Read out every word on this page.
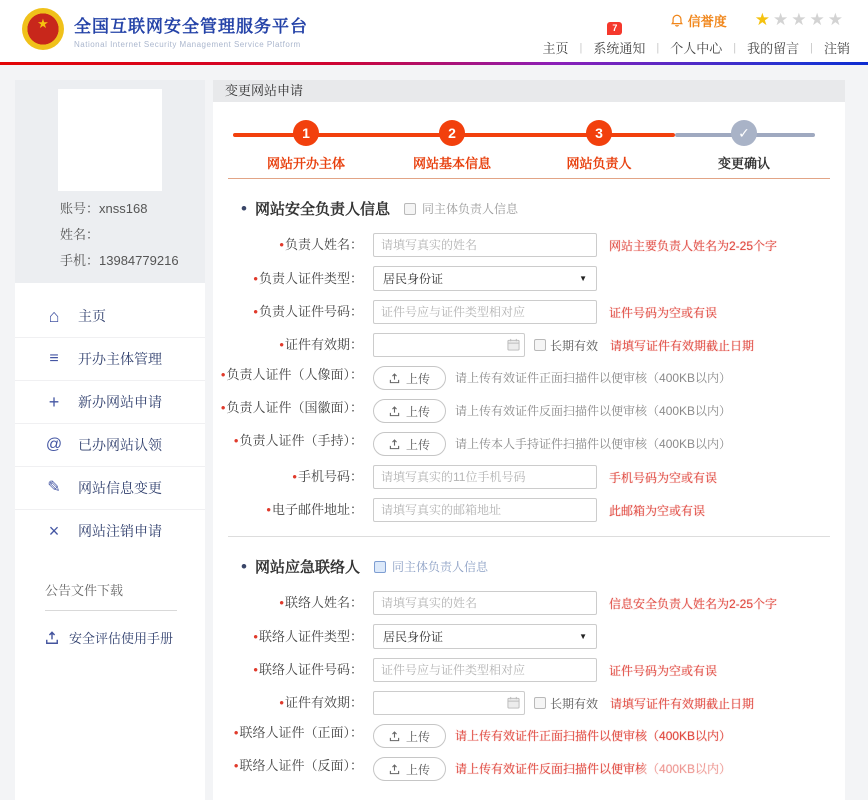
★	全国互联网安全管理服务平台
National Internet Security Management Service Platform
信誉度 ★★★★★
主页 |
7
系统通知 | 个人中心 | 我的留言 | 注销
账号：xnss168
姓名：
手机：13984779216
⌂ 主页
≡	开办主体管理
+ 新办网站申请
@ 已办网站认领
✎ 网站信息变更
× 网站注销申请
公告文件下载
安全评估使用手册
变更网站申请
1
网站开办主体
2
网站基本信息
3
网站负责人
✓
变更确认
• 网站安全负责人信息	同主体负责人信息
•负责人姓名：
请填写真实的姓名	网站主要负责人姓名为2-25个字
•负责人证件类型： 居民身份证	▼
•负责人证件号码：
证件号应与证件类型相对应	证件号码为空或有误
•证件有效期：	长期有效 请填写证件有效期截止日期
•负责人证件（人像面）：	上传 请上传有效证件正面扫描件以便审核（400KB以内）
•负责人证件（国徽面）：	上传 请上传有效证件反面扫描件以便审核（400KB以内）
•负责人证件（手持）：	上传 请上传本人手持证件扫描件以便审核（400KB以内）
•手机号码：
请填写真实的11位手机号码	手机号码为空或有误
•电子邮件地址：
请填写真实的邮箱地址	此邮箱为空或有误
• 网站应急联络人	同主体负责人信息
•联络人姓名：
请填写真实的姓名	信息安全负责人姓名为2-25个字
•联络人证件类型： 居民身份证	▼
•联络人证件号码：
证件号应与证件类型相对应	证件号码为空或有误
•证件有效期：	长期有效 请填写证件有效期截止日期
•联络人证件（正面）：	上传 请上传有效证件正面扫描件以便审核（400KB以内）
•联络人证件（反面）：	上传 请上传有效证件反面扫描件以便审核（400KB以内）
